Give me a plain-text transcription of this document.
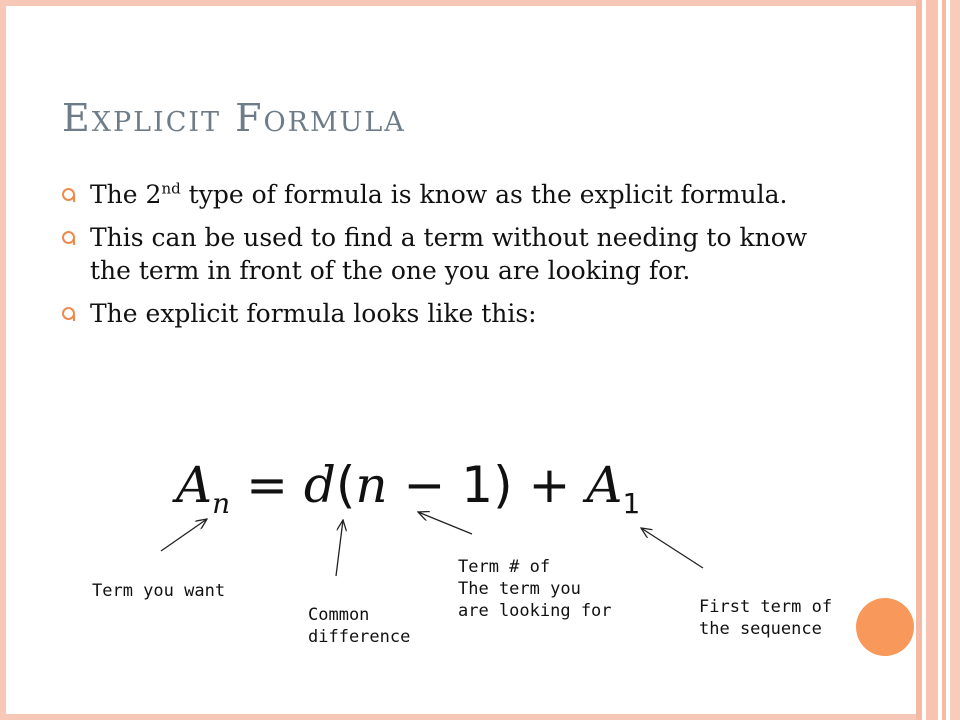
Explicit Formula
The 2nd type of formula is know as the explicit formula.
This can be used to find a term without needing to know the term in front of the one you are looking for.
The explicit formula looks like this:
$A_n = d(n - 1) + A_1$
Term you want
Common
difference
Term # of
The term you
are looking for	First term of
the sequence
